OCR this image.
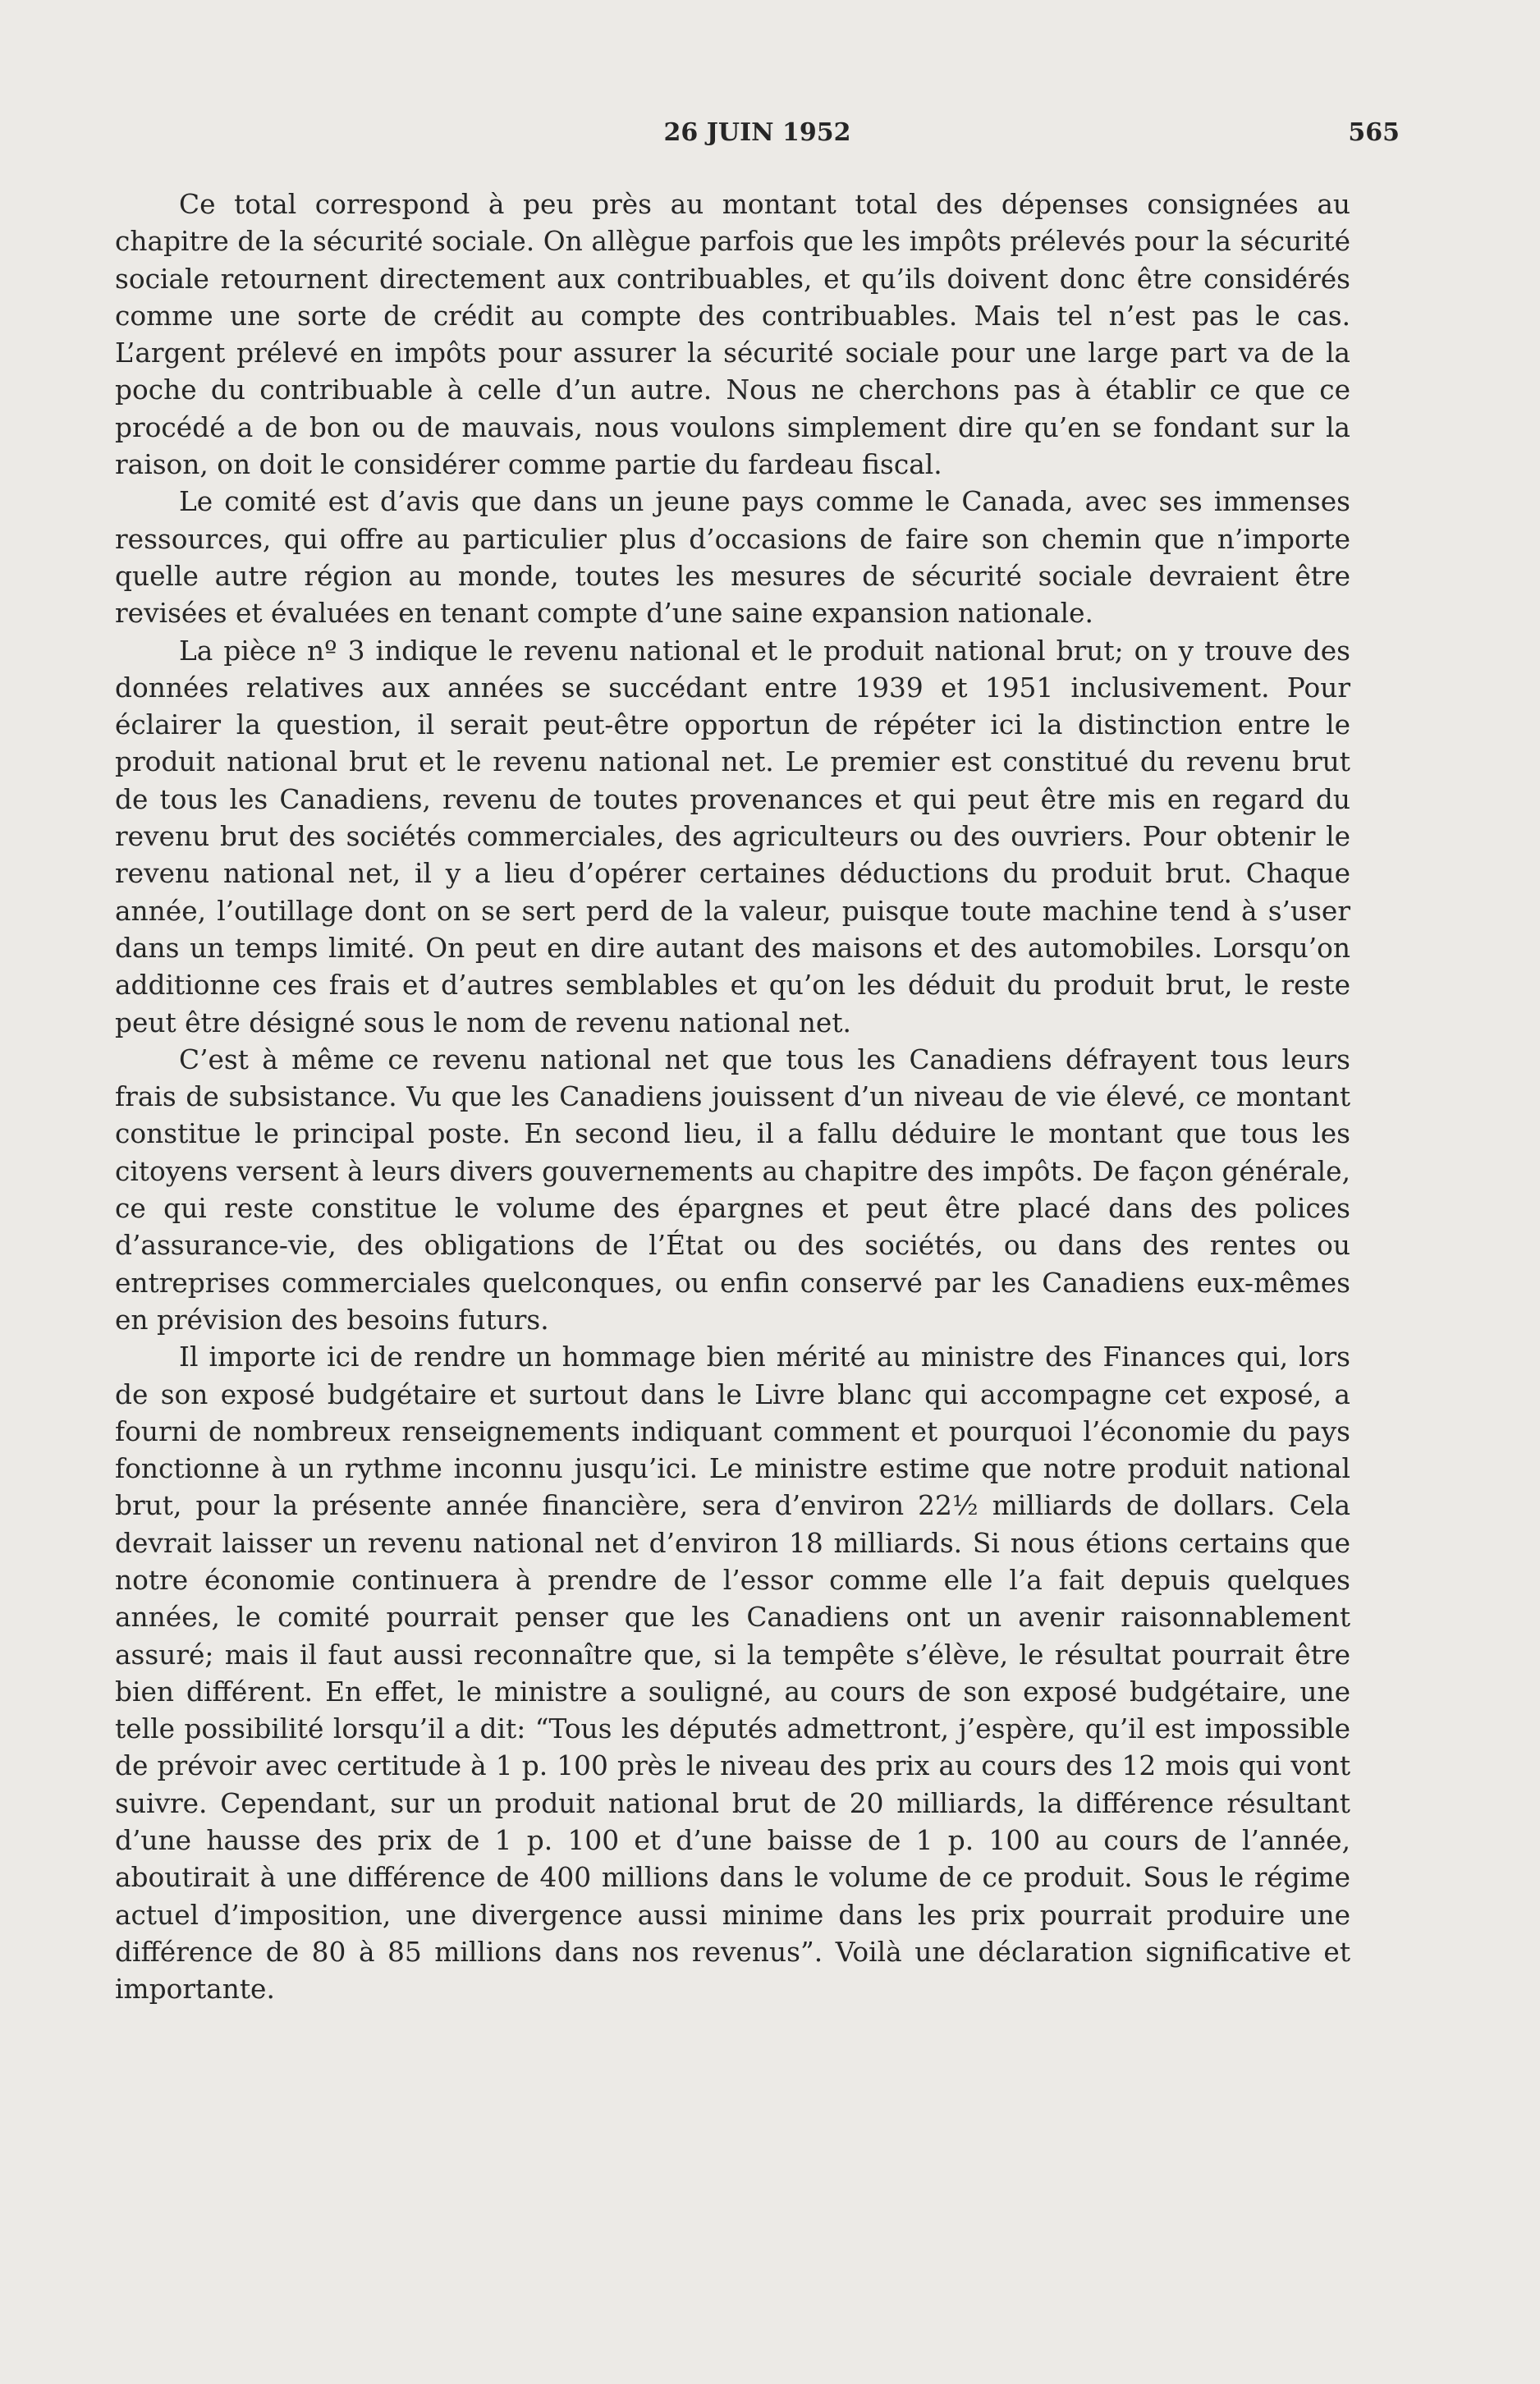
26 JUIN 1952	565

Ce total correspond à peu près au montant total des dépenses consignées au chapitre de la sécurité sociale. On allègue parfois que les impôts prélevés pour la sécurité sociale retournent directement aux contribuables, et qu’ils doivent donc être considérés comme une sorte de crédit au compte des contribuables. Mais tel n’est pas le cas. L’argent prélevé en impôts pour assurer la sécurité sociale pour une large part va de la poche du contribuable à celle d’un autre. Nous ne cherchons pas à établir ce que ce procédé a de bon ou de mauvais, nous voulons simplement dire qu’en se fondant sur la raison, on doit le considérer comme partie du fardeau fiscal.

Le comité est d’avis que dans un jeune pays comme le Canada, avec ses immenses ressources, qui offre au particulier plus d’occasions de faire son chemin que n’importe quelle autre région au monde, toutes les mesures de sécurité sociale devraient être revisées et évaluées en tenant compte d’une saine expansion nationale.

La pièce nº 3 indique le revenu national et le produit national brut; on y trouve des données relatives aux années se succédant entre 1939 et 1951 inclusivement. Pour éclairer la question, il serait peut-être opportun de répéter ici la distinction entre le produit national brut et le revenu national net. Le premier est constitué du revenu brut de tous les Canadiens, revenu de toutes provenances et qui peut être mis en regard du revenu brut des sociétés commerciales, des agriculteurs ou des ouvriers. Pour obtenir le revenu national net, il y a lieu d’opérer certaines déductions du produit brut. Chaque année, l’outillage dont on se sert perd de la valeur, puisque toute machine tend à s’user dans un temps limité. On peut en dire autant des maisons et des automobiles. Lorsqu’on additionne ces frais et d’autres semblables et qu’on les déduit du produit brut, le reste peut être désigné sous le nom de revenu national net.

C’est à même ce revenu national net que tous les Canadiens défrayent tous leurs frais de subsistance. Vu que les Canadiens jouissent d’un niveau de vie élevé, ce montant constitue le principal poste. En second lieu, il a fallu déduire le montant que tous les citoyens versent à leurs divers gouvernements au chapitre des impôts. De façon générale, ce qui reste constitue le volume des épargnes et peut être placé dans des polices d’assurance-vie, des obligations de l’État ou des sociétés, ou dans des rentes ou entreprises commerciales quelconques, ou enfin conservé par les Canadiens eux-mêmes en prévision des besoins futurs.

Il importe ici de rendre un hommage bien mérité au ministre des Finances qui, lors de son exposé budgétaire et surtout dans le Livre blanc qui accompagne cet exposé, a fourni de nombreux renseignements indiquant comment et pourquoi l’économie du pays fonctionne à un rythme inconnu jusqu’ici. Le ministre estime que notre produit national brut, pour la présente année financière, sera d’environ 22½ milliards de dollars. Cela devrait laisser un revenu national net d’environ 18 milliards. Si nous étions certains que notre économie continuera à prendre de l’essor comme elle l’a fait depuis quelques années, le comité pourrait penser que les Canadiens ont un avenir raisonnablement assuré; mais il faut aussi reconnaître que, si la tempête s’élève, le résultat pourrait être bien différent. En effet, le ministre a souligné, au cours de son exposé budgétaire, une telle possibilité lorsqu’il a dit: “Tous les députés admettront, j’espère, qu’il est impossible de prévoir avec certitude à 1 p. 100 près le niveau des prix au cours des 12 mois qui vont suivre. Cependant, sur un produit national brut de 20 milliards, la différence résultant d’une hausse des prix de 1 p. 100 et d’une baisse de 1 p. 100 au cours de l’année, aboutirait à une différence de 400 millions dans le volume de ce produit. Sous le régime actuel d’imposition, une divergence aussi minime dans les prix pourrait produire une différence de 80 à 85 millions dans nos revenus”. Voilà une déclaration significative et importante.
